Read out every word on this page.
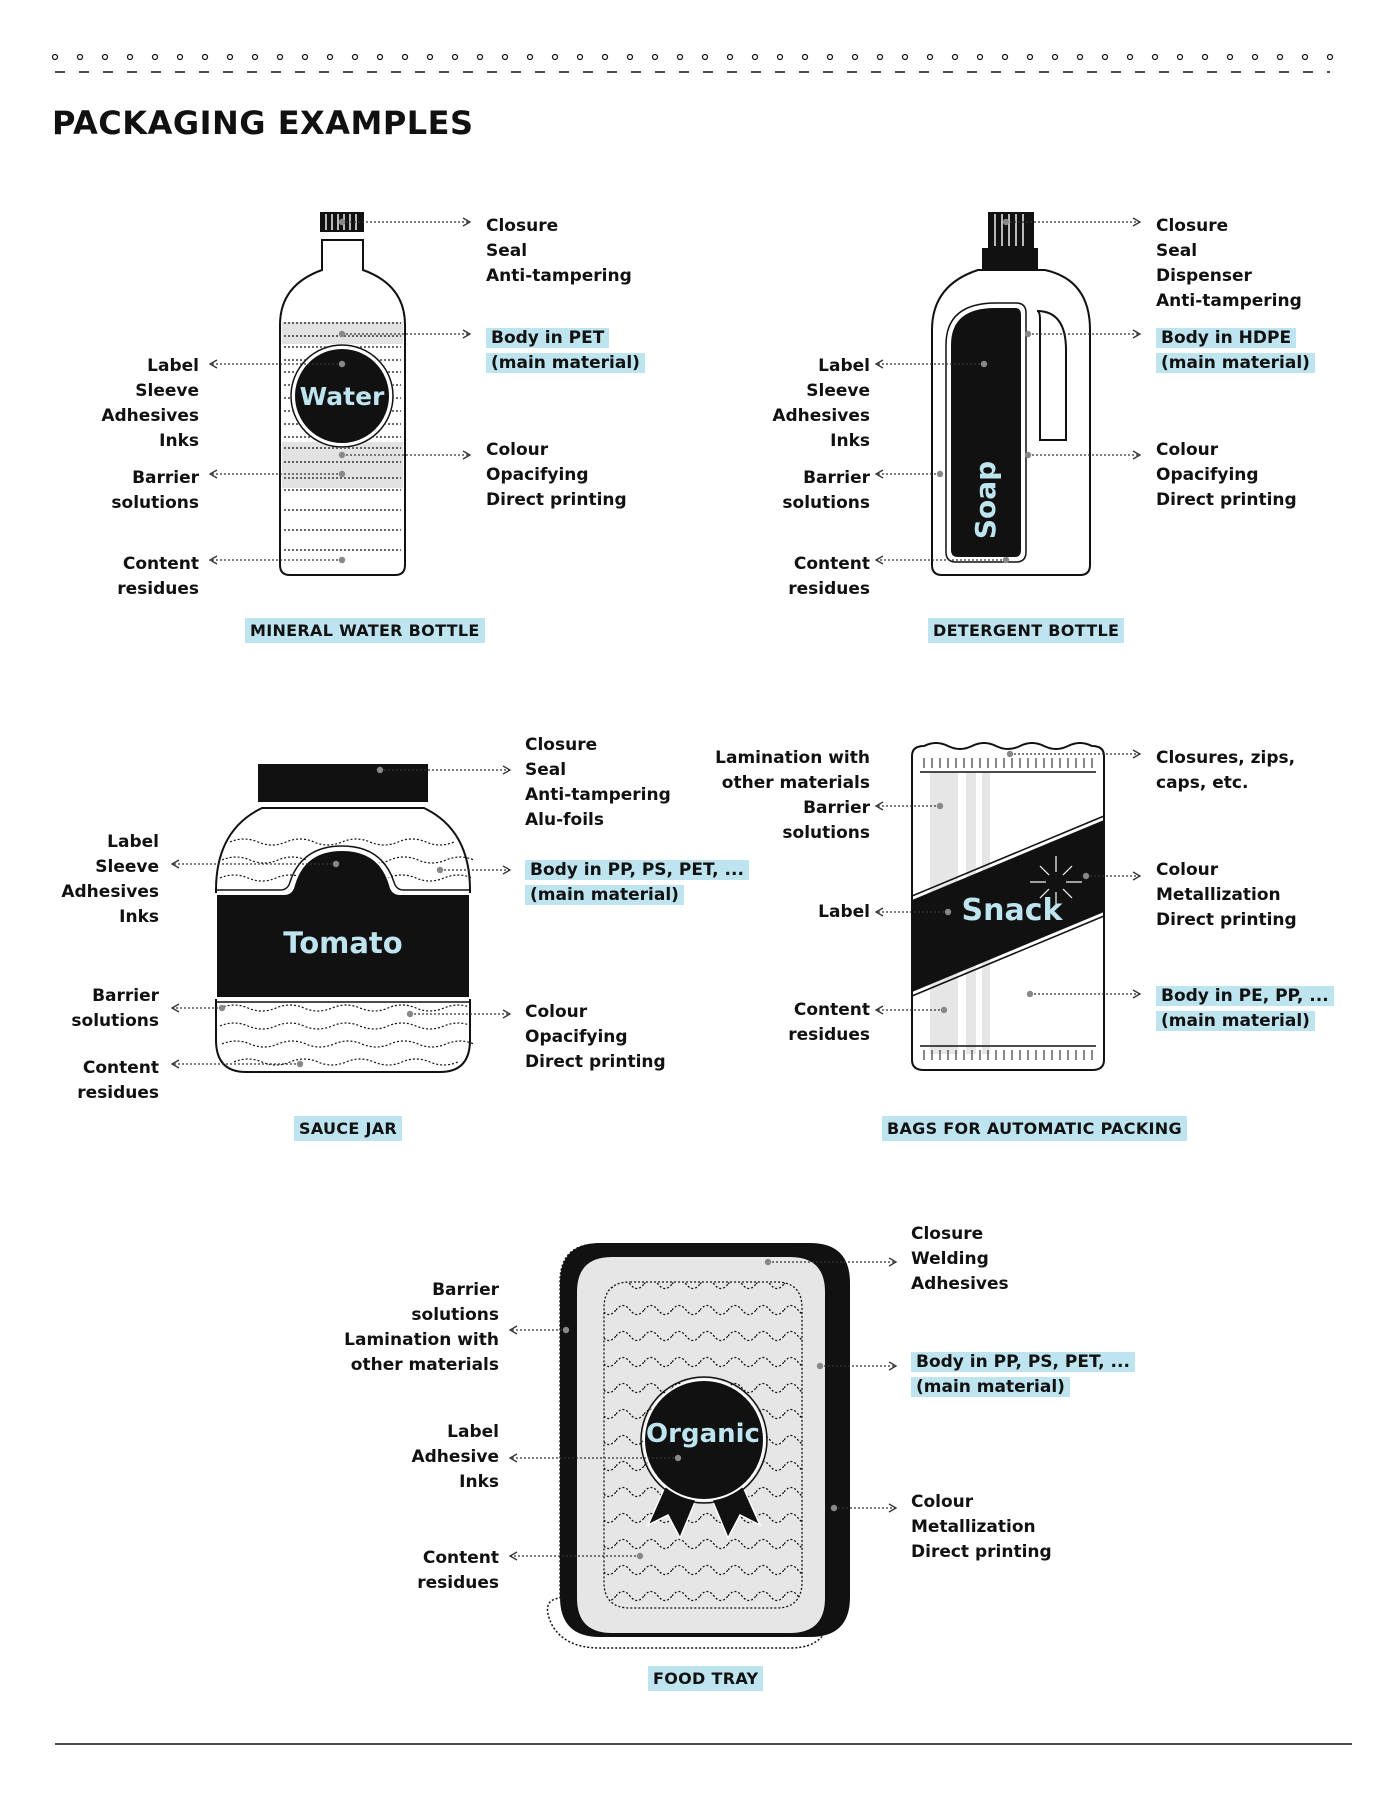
Water
Soap
Tomato
Snack
Organic
PACKAGING EXAMPLES
Closure
Seal
Anti-tampering
Body in PET
(main material)
Label
Sleeve
Adhesives
Inks	Colour
Opacifying
Direct printing
Barrier
solutions
Content
residues
MINERAL WATER BOTTLE
Closure
Seal
Dispenser
Anti-tampering
Body in HDPE
(main material)
Label
Sleeve
Adhesives
Inks	Colour
Opacifying
Direct printing
Barrier
solutions
Content
residues
DETERGENT BOTTLE
Closure
Seal
Anti-tampering
Alu-foils
Body in PP, PS, PET, ...
(main material)
Label
Sleeve
Adhesives
Inks
Barrier
solutions	Colour
Opacifying
Direct printing
Content
residues
SAUCE JAR
Lamination with
other materials
Barrier
solutions
Label
Content
residues
Closures, zips,
caps, etc.
Colour
Metallization
Direct printing
Body in PE, PP, ...
(main material)
BAGS FOR AUTOMATIC PACKING
Barrier
solutions
Lamination with
other materials
Label
Adhesive
Inks
Content
residues
Closure
Welding
Adhesives
Body in PP, PS, PET, ...
(main material)
Colour
Metallization
Direct printing
FOOD TRAY
